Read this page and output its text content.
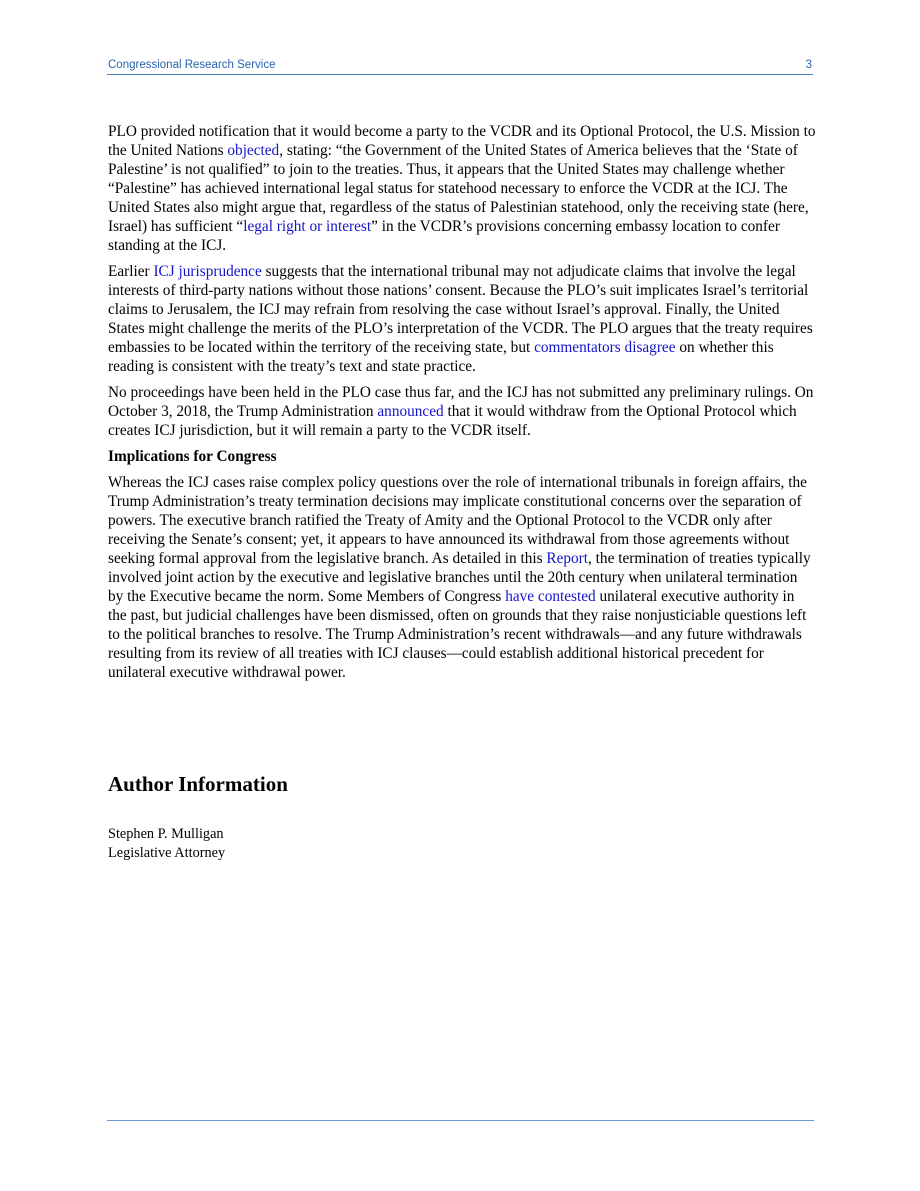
Congressional Research Service	3

PLO provided notification that it would become a party to the VCDR and its Optional Protocol, the U.S. Mission to the United Nations objected, stating: “the Government of the United States of America believes that the ‘State of Palestine’ is not qualified” to join to the treaties. Thus, it appears that the United States may challenge whether “Palestine” has achieved international legal status for statehood necessary to enforce the VCDR at the ICJ. The United States also might argue that, regardless of the status of Palestinian statehood, only the receiving state (here, Israel) has sufficient “legal right or interest” in the VCDR’s provisions concerning embassy location to confer standing at the ICJ.

Earlier ICJ jurisprudence suggests that the international tribunal may not adjudicate claims that involve the legal interests of third-party nations without those nations’ consent. Because the PLO’s suit implicates Israel’s territorial claims to Jerusalem, the ICJ may refrain from resolving the case without Israel’s approval. Finally, the United States might challenge the merits of the PLO’s interpretation of the VCDR. The PLO argues that the treaty requires embassies to be located within the territory of the receiving state, but commentators disagree on whether this reading is consistent with the treaty’s text and state practice.

No proceedings have been held in the PLO case thus far, and the ICJ has not submitted any preliminary rulings. On October 3, 2018, the Trump Administration announced that it would withdraw from the Optional Protocol which creates ICJ jurisdiction, but it will remain a party to the VCDR itself.

Implications for Congress

Whereas the ICJ cases raise complex policy questions over the role of international tribunals in foreign affairs, the Trump Administration’s treaty termination decisions may implicate constitutional concerns over the separation of powers. The executive branch ratified the Treaty of Amity and the Optional Protocol to the VCDR only after receiving the Senate’s consent; yet, it appears to have announced its withdrawal from those agreements without seeking formal approval from the legislative branch. As detailed in this Report, the termination of treaties typically involved joint action by the executive and legislative branches until the 20th century when unilateral termination by the Executive became the norm. Some Members of Congress have contested unilateral executive authority in the past, but judicial challenges have been dismissed, often on grounds that they raise nonjusticiable questions left to the political branches to resolve. The Trump Administration’s recent withdrawals—and any future withdrawals resulting from its review of all treaties with ICJ clauses—could establish additional historical precedent for unilateral executive withdrawal power.

Author Information
Stephen P. Mulligan
Legislative Attorney
